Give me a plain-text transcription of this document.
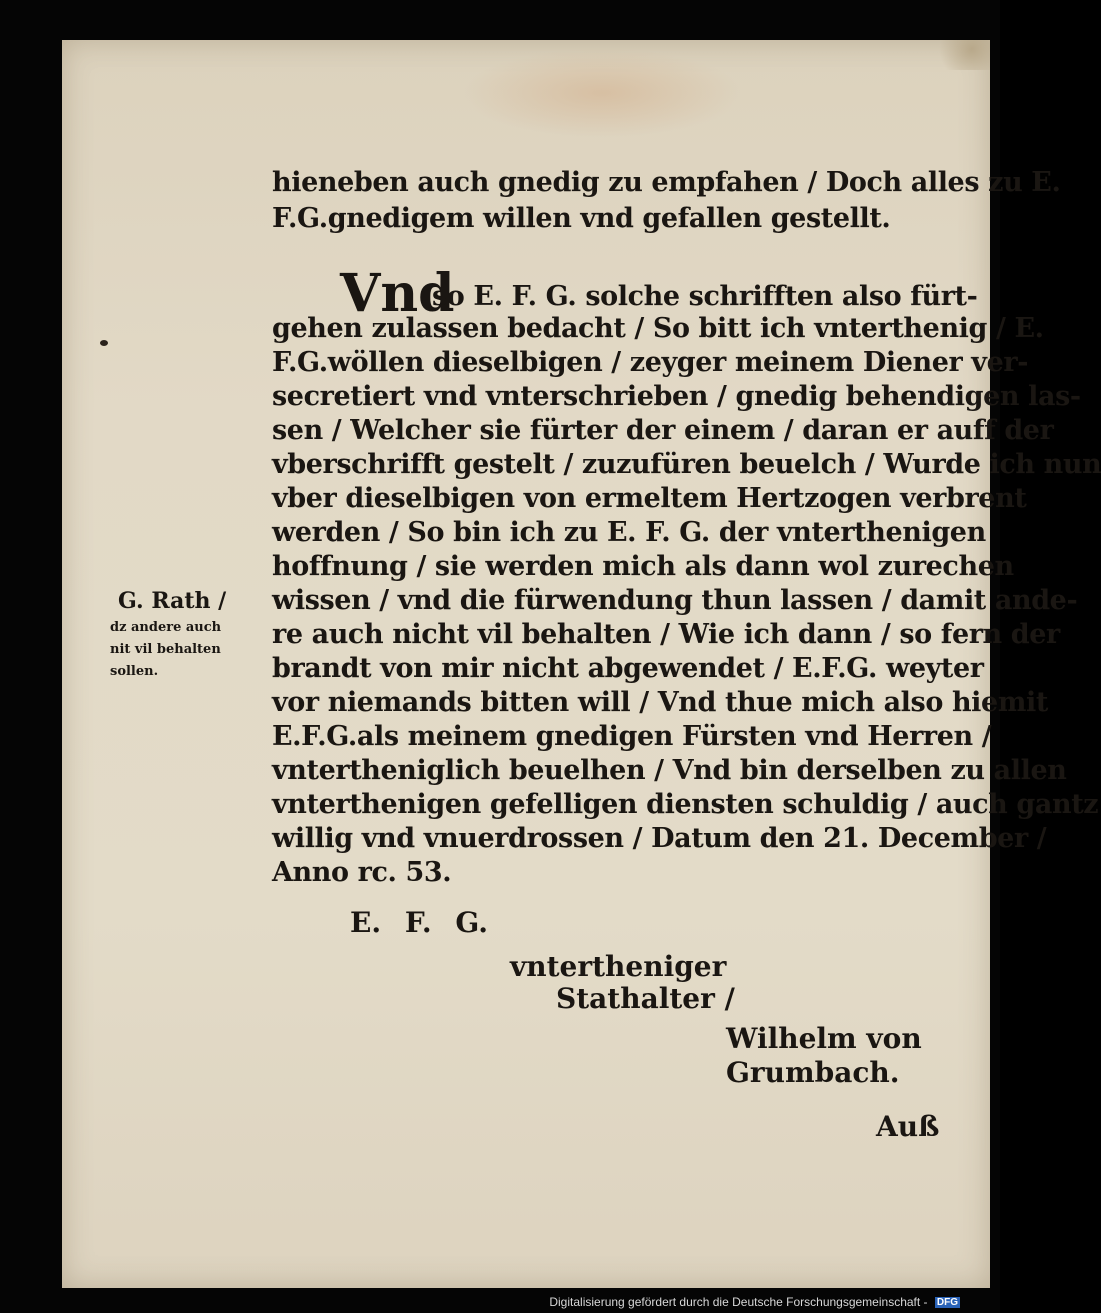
hieneben auch gnedig zu empfahen / Doch alles zu E.
F.G.gnedigem willen vnd gefallen gestellt.
Vnd
so E. F. G. solche schrifften also fürt-
gehen zulassen bedacht / So bitt ich vnterthenig / E.
F.G.wöllen dieselbigen / zeyger meinem Diener ver-
secretiert vnd vnterschrieben / gnedig behendigen las-
sen / Welcher sie fürter der einem / daran er auff der
vberschrifft gestelt / zuzufüren beuelch / Wurde ich nun
vber dieselbigen von ermeltem Hertzogen verbrent
werden / So bin ich zu E. F. G. der vnterthenigen
hoffnung / sie werden mich als dann wol zurechen
wissen / vnd die fürwendung thun lassen / damit ande-
re auch nicht vil behalten / Wie ich dann / so fern der
brandt von mir nicht abgewendet / E.F.G. weyter
vor niemands bitten will / Vnd thue mich also hiemit
E.F.G.als meinem gnedigen Fürsten vnd Herren /
vntertheniglich beuelhen / Vnd bin derselben zu allen
vnterthenigen gefelligen diensten schuldig / auch gantz
willig vnd vnuerdrossen / Datum den 21. December /
Anno rc. 53.
G. Rath /
dz andere auch
nit vil behalten
sollen.
E. F. G.
vntertheniger
Stathalter /
Wilhelm von
Grumbach.
Auß
Digitalisierung gefördert durch die Deutsche Forschungsgemeinschaft - DFG
